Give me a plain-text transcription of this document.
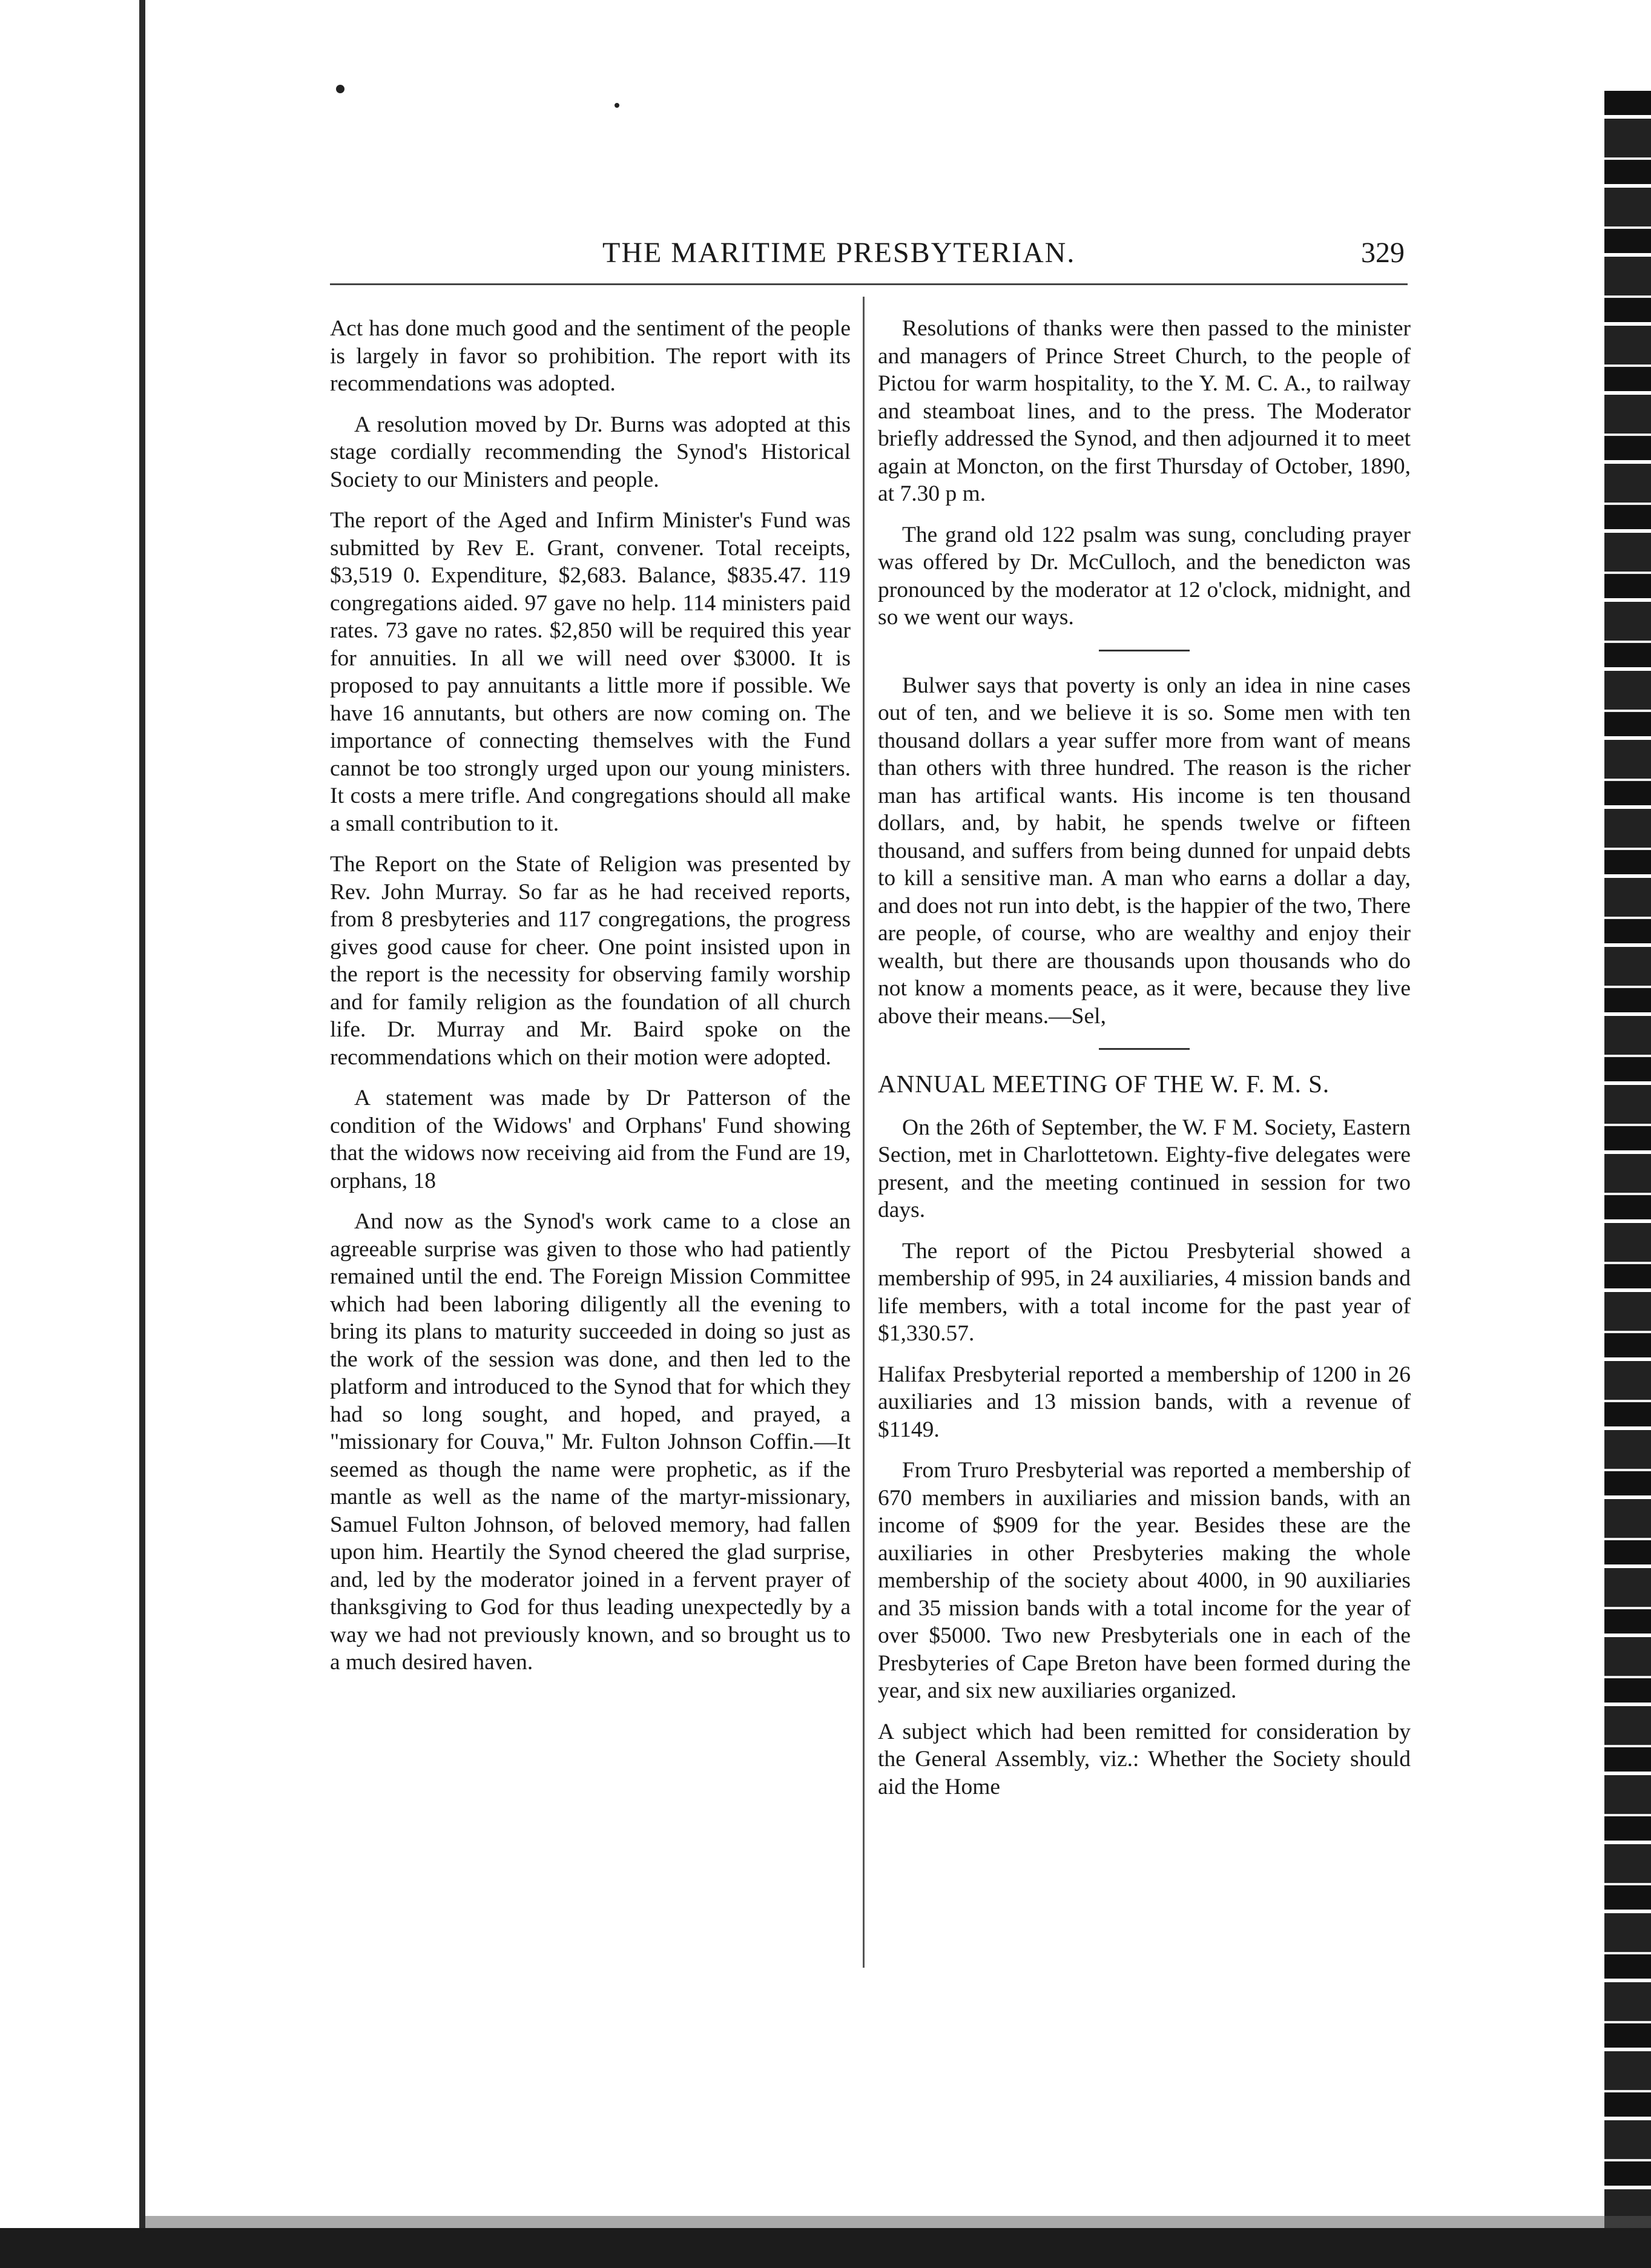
THE MARITIME PRESBYTERIAN.	329

Act has done much good and the sentiment of the people is largely in favor so prohibition. The report with its recommendations was adopted.

A resolution moved by Dr. Burns was adopted at this stage cordially recommending the Synod's Historical Society to our Ministers and people.

The report of the Aged and Infirm Minister's Fund was submitted by Rev E. Grant, convener. Total receipts, $3,519 0. Expenditure, $2,683. Balance, $835.47. 119 congregations aided. 97 gave no help. 114 ministers paid rates. 73 gave no rates. $2,850 will be required this year for annuities. In all we will need over $3000. It is proposed to pay annuitants a little more if possible. We have 16 annutants, but others are now coming on. The importance of connecting themselves with the Fund cannot be too strongly urged upon our young ministers. It costs a mere trifle. And congregations should all make a small contribution to it.

The Report on the State of Religion was presented by Rev. John Murray. So far as he had received reports, from 8 presbyteries and 117 congregations, the progress gives good cause for cheer. One point insisted upon in the report is the necessity for observing family worship and for family religion as the foundation of all church life. Dr. Murray and Mr. Baird spoke on the recommendations which on their motion were adopted.

A statement was made by Dr Patterson of the condition of the Widows' and Orphans' Fund showing that the widows now receiving aid from the Fund are 19, orphans, 18

And now as the Synod's work came to a close an agreeable surprise was given to those who had patiently remained until the end. The Foreign Mission Committee which had been laboring diligently all the evening to bring its plans to maturity succeeded in doing so just as the work of the session was done, and then led to the platform and introduced to the Synod that for which they had so long sought, and hoped, and prayed, a "missionary for Couva," Mr. Fulton Johnson Coffin.—It seemed as though the name were prophetic, as if the mantle as well as the name of the martyr-missionary, Samuel Fulton Johnson, of beloved memory, had fallen upon him. Heartily the Synod cheered the glad surprise, and, led by the moderator joined in a fervent prayer of thanksgiving to God for thus leading unexpectedly by a way we had not previously known, and so brought us to a much desired haven.

Resolutions of thanks were then passed to the minister and managers of Prince Street Church, to the people of Pictou for warm hospitality, to the Y. M. C. A., to railway and steamboat lines, and to the press. The Moderator briefly addressed the Synod, and then adjourned it to meet again at Moncton, on the first Thursday of October, 1890, at 7.30 p m.

The grand old 122 psalm was sung, concluding prayer was offered by Dr. McCulloch, and the benedicton was pronounced by the moderator at 12 o'clock, midnight, and so we went our ways.

Bulwer says that poverty is only an idea in nine cases out of ten, and we believe it is so. Some men with ten thousand dollars a year suffer more from want of means than others with three hundred. The reason is the richer man has artifical wants. His income is ten thousand dollars, and, by habit, he spends twelve or fifteen thousand, and suffers from being dunned for unpaid debts to kill a sensitive man. A man who earns a dollar a day, and does not run into debt, is the happier of the two, There are people, of course, who are wealthy and enjoy their wealth, but there are thousands upon thousands who do not know a moments peace, as it were, because they live above their means.—Sel,

ANNUAL MEETING OF THE W. F. M. S.

On the 26th of September, the W. F M. Society, Eastern Section, met in Charlottetown. Eighty-five delegates were present, and the meeting continued in session for two days.

The report of the Pictou Presbyterial showed a membership of 995, in 24 auxiliaries, 4 mission bands and life members, with a total income for the past year of $1,330.57.

Halifax Presbyterial reported a membership of 1200 in 26 auxiliaries and 13 mission bands, with a revenue of $1149.

From Truro Presbyterial was reported a membership of 670 members in auxiliaries and mission bands, with an income of $909 for the year. Besides these are the auxiliaries in other Presbyteries making the whole membership of the society about 4000, in 90 auxiliaries and 35 mission bands with a total income for the year of over $5000. Two new Presbyterials one in each of the Presbyteries of Cape Breton have been formed during the year, and six new auxiliaries organized.

A subject which had been remitted for consideration by the General Assembly, viz.: Whether the Society should aid the Home
